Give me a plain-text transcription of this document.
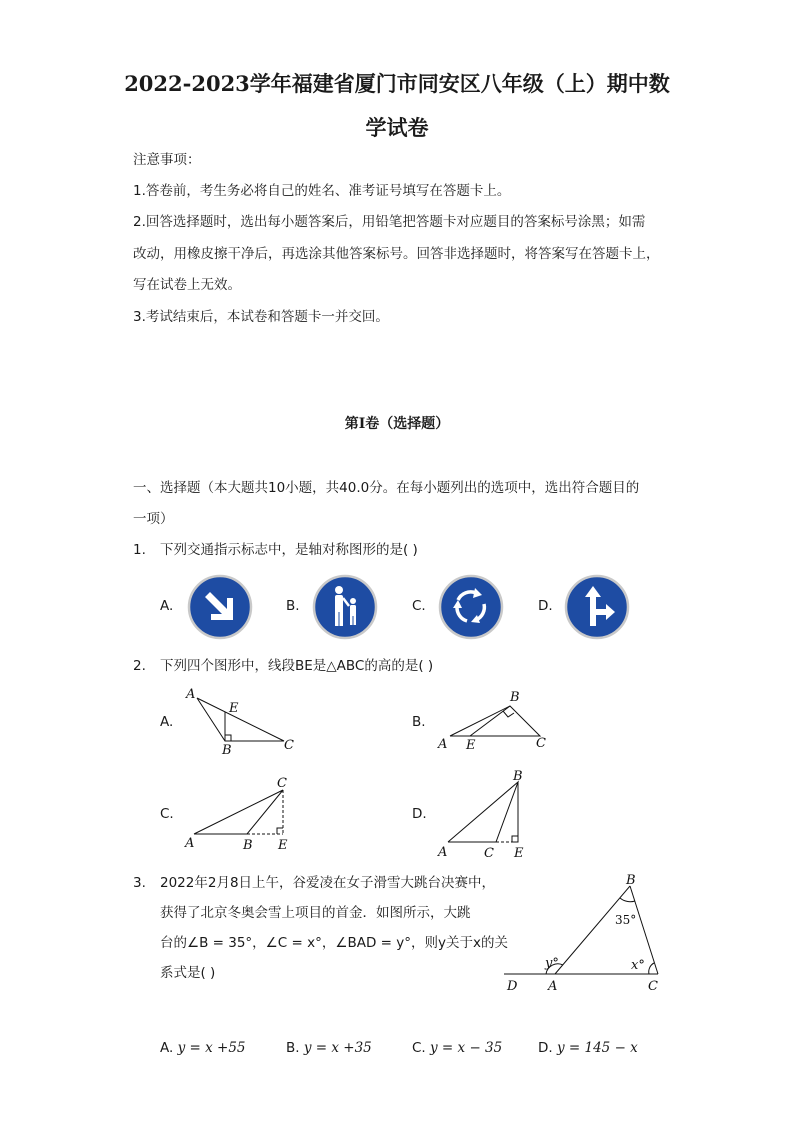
2022-2023学年福建省厦门市同安区八年级（上）期中数
学试卷
注意事项：
1.答卷前，考生务必将自己的姓名、准考证号填写在答题卡上。
2.回答选择题时，选出每小题答案后，用铅笔把答题卡对应题目的答案标号涂黑；如需
改动，用橡皮擦干净后，再选涂其他答案标号。回答非选择题时，将答案写在答题卡上，
写在试卷上无效。
3.考试结束后，本试卷和答题卡一并交回。
第Ⅰ卷（选择题）
一、选择题（本大题共10小题，共40.0分。在每小题列出的选项中，选出符合题目的
一项）
1. 下列交通指示标志中，是轴对称图形的是( )
A.	B.	C.	D.
2. 下列四个图形中，线段BE是△ABC的高的是( )
A.
A
E
B	C
B.
B
A E	C
C.
C
A	B E
D.
B
A	C E
3. 2022年2月8日上午，谷爱凌在女子滑雪大跳台决赛中，
获得了北京冬奥会雪上项目的首金．如图所示，大跳
台的∠B = 35°，∠C = x°，∠BAD = y°，则y关于x的关
系式是( )
B
35°
y°	x°
D A	C
A. y = x +55	B. y = x +35	C. y = x − 35	D. y = 145 − x
